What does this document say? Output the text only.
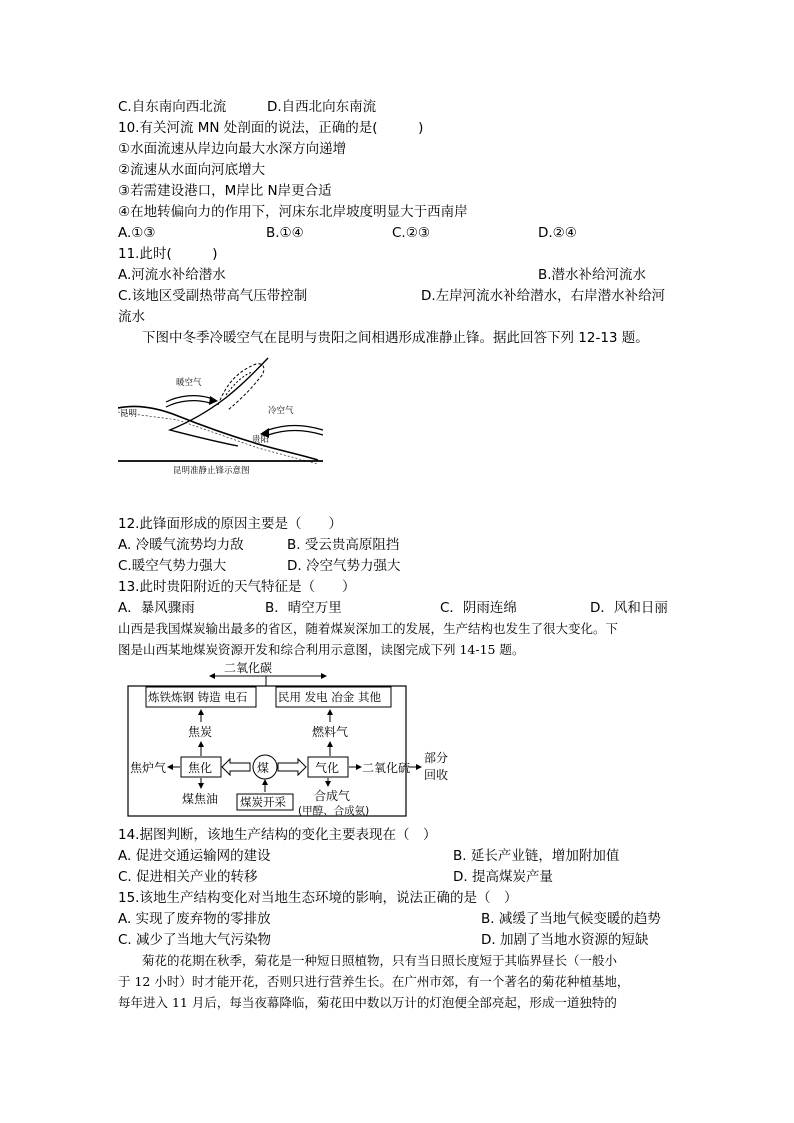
C.自东南向西北流	D.自西北向东南流
10.有关河流 MN 处剖面的说法，正确的是(　　　)
①水面流速从岸边向最大水深方向递增
②流速从水面向河底增大
③若需建设港口，M岸比 N岸更合适
④在地转偏向力的作用下，河床东北岸坡度明显大于西南岸
A.①③	B.①④	C.②③	D.②④
11.此时(　　　)
A.河流水补给潜水	B.潜水补给河流水
C.该地区受副热带高气压带控制	D.左岸河流水补给潜水，右岸潜水补给河
流水
下图中冬季冷暖空气在昆明与贵阳之间相遇形成准静止锋。据此回答下列 12-13 题。
暖空气
冷空气
昆明
贵阳
昆明准静止锋示意图
12.此锋面形成的原因主要是（　　）
A. 冷暖气流势均力敌	B. 受云贵高原阻挡
C.暖空气势力强大	D. 冷空气势力强大
13.此时贵阳附近的天气特征是（　　）
A．暴风骤雨	B．晴空万里	C．阴雨连绵	D．风和日丽
山西是我国煤炭输出最多的省区，随着煤炭深加工的发展，生产结构也发生了很大变化。下
图是山西某地煤炭资源开发和综合利用示意图，读图完成下列 14-15 题。
二氧化碳
炼铁炼钢 铸造 电石	民用 发电 冶金 其他
焦炭	燃料气
焦炉气 焦化	煤	气化 二氧化硫
部分
回收
煤焦油 煤炭开采 合成气
(甲醇、合成氨)
14.据图判断，该地生产结构的变化主要表现在（　）
A. 促进交通运输网的建设	B. 延长产业链，增加附加值
C. 促进相关产业的转移	D. 提高煤炭产量
15.该地生产结构变化对当地生态环境的影响，说法正确的是（　）
A. 实现了废弃物的零排放	B. 减缓了当地气候变暖的趋势
C. 减少了当地大气污染物	D. 加剧了当地水资源的短缺
菊花的花期在秋季，菊花是一种短日照植物，只有当日照长度短于其临界昼长（一般小
于 12 小时）时才能开花，否则只进行营养生长。在广州市郊，有一个著名的菊花种植基地，
每年进入 11 月后，每当夜幕降临，菊花田中数以万计的灯泡便全部亮起，形成一道独特的
